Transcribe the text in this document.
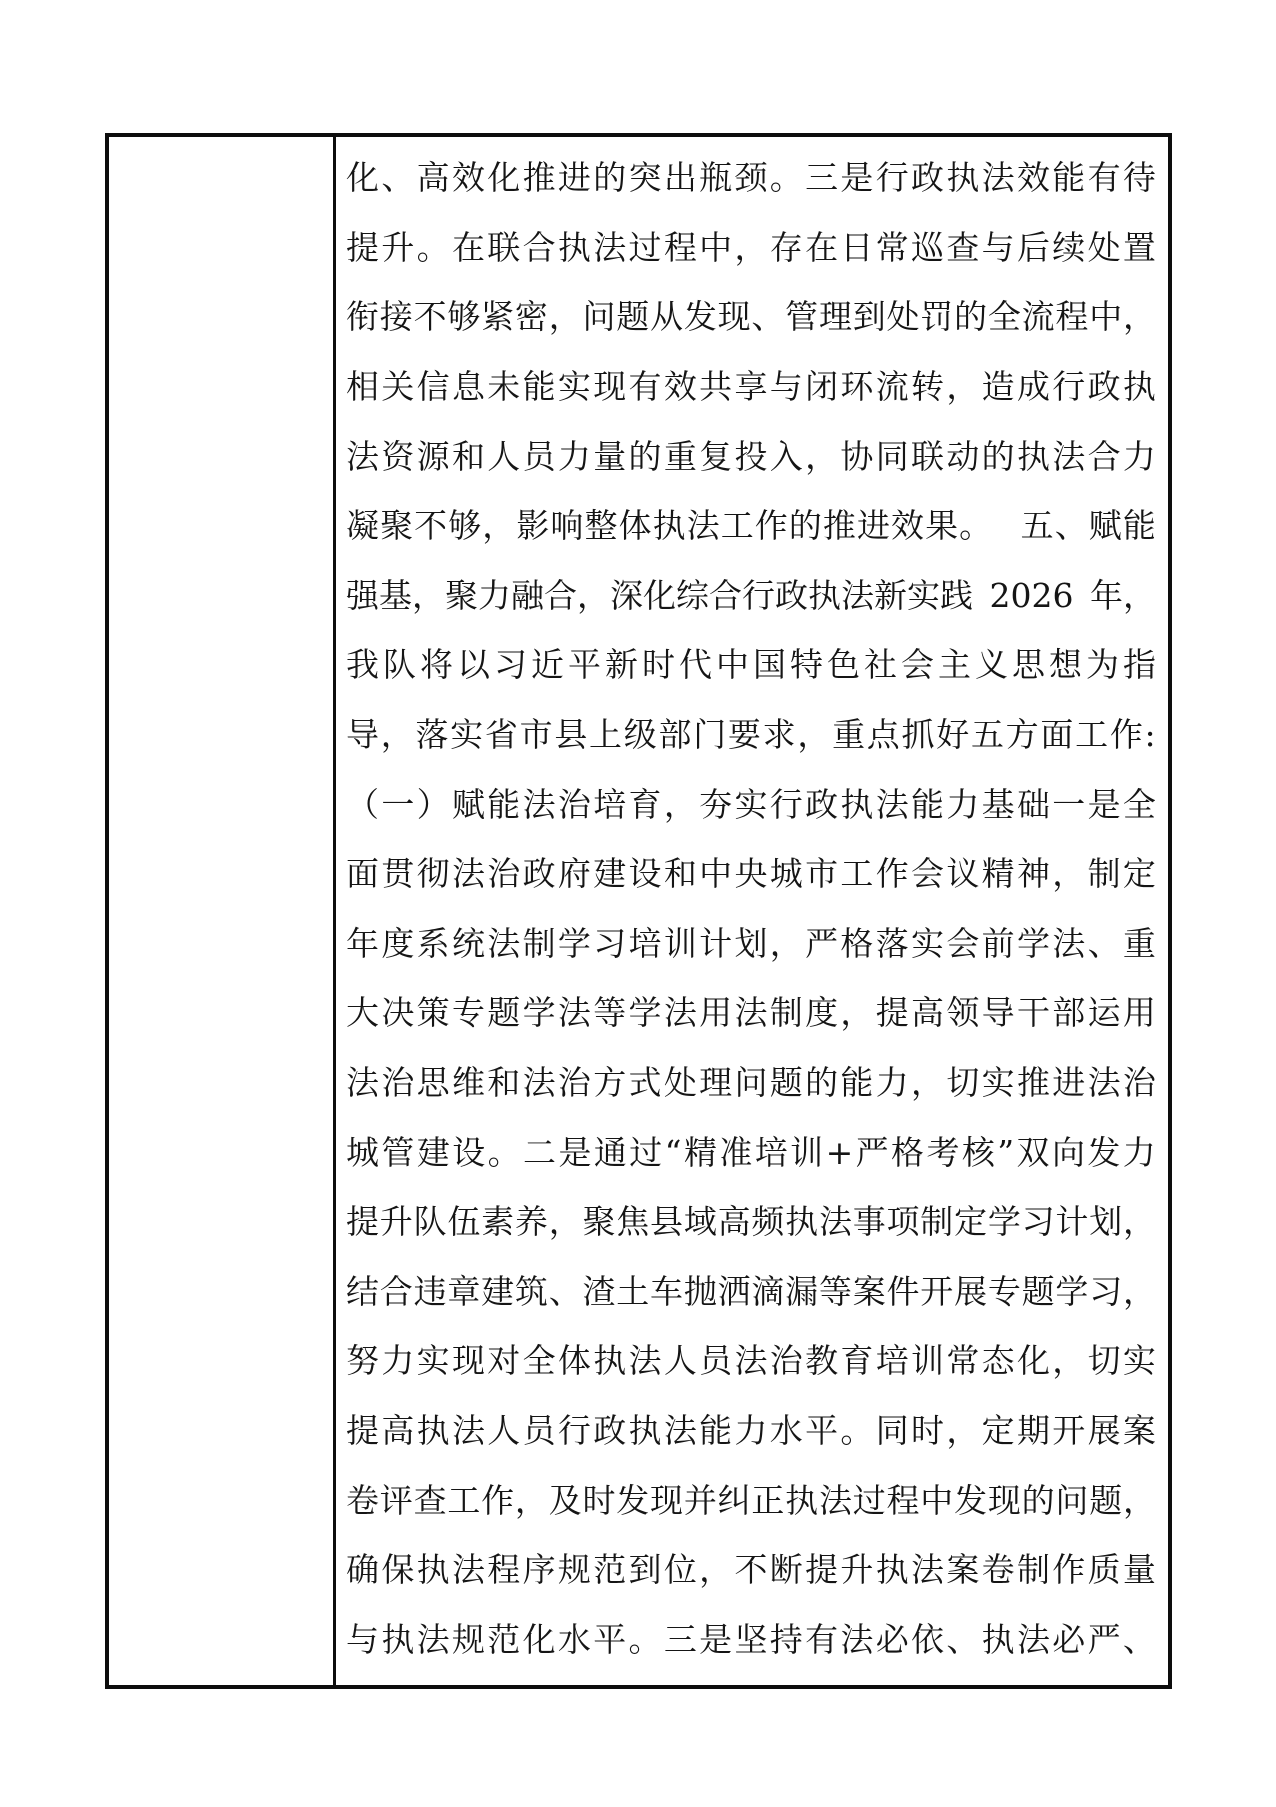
化 、 高 效 化 推 进 的 突 出 瓶 颈 。 三 是 行 政 执 法 效 能 有 待
提 升 。 在 联 合 执 法 过 程 中 ， 存 在 日 常 巡 查 与 后 续 处 置
衔 接 不 够 紧 密 ， 问 题 从 发 现 、 管 理 到 处 罚 的 全 流 程 中 ，
相 关 信 息 未 能 实 现 有 效 共 享 与 闭 环 流 转 ， 造 成 行 政 执
法 资 源 和 人 员 力 量 的 重 复 投 入 ， 协 同 联 动 的 执 法 合 力
凝 聚 不 够 ， 影 响 整 体 执 法 工 作 的 推 进 效 果 。 五 、 赋 能
强 基 ， 聚 力 融 合 ， 深 化 综 合 行 政 执 法 新 实 践 2026 年 ，
我 队 将 以 习 近 平 新 时 代 中 国 特 色 社 会 主 义 思 想 为 指
导 ， 落 实 省 市 县 上 级 部 门 要 求 ， 重 点 抓 好 五 方 面 工 作 :
（ 一 ） 赋 能 法 治 培 育 ， 夯 实 行 政 执 法 能 力 基 础 一 是 全
面 贯 彻 法 治 政 府 建 设 和 中 央 城 市 工 作 会 议 精 神 ， 制 定
年 度 系 统 法 制 学 习 培 训 计 划 ， 严 格 落 实 会 前 学 法 、 重
大 决 策 专 题 学 法 等 学 法 用 法 制 度 ， 提 高 领 导 干 部 运 用
法 治 思 维 和 法 治 方 式 处 理 问 题 的 能 力 ， 切 实 推 进 法 治
城 管 建 设 。 二 是 通 过 “ 精 准 培 训 + 严 格 考 核 ” 双 向 发 力
提 升 队 伍 素 养 ， 聚 焦 县 域 高 频 执 法 事 项 制 定 学 习 计 划 ，
结 合 违 章 建 筑 、 渣 土 车 抛 洒 滴 漏 等 案 件 开 展 专 题 学 习 ，
努 力 实 现 对 全 体 执 法 人 员 法 治 教 育 培 训 常 态 化 ， 切 实
提 高 执 法 人 员 行 政 执 法 能 力 水 平 。 同 时 ， 定 期 开 展 案
卷 评 查 工 作 ， 及 时 发 现 并 纠 正 执 法 过 程 中 发 现 的 问 题 ，
确 保 执 法 程 序 规 范 到 位 ， 不 断 提 升 执 法 案 卷 制 作 质 量
与 执 法 规 范 化 水 平 。 三 是 坚 持 有 法 必 依 、 执 法 必 严 、
